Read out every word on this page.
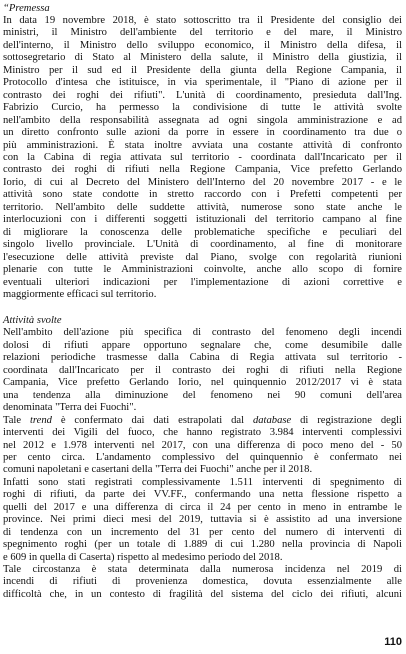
“Premessa

In data 19 novembre 2018, è stato sottoscritto tra il Presidente del consiglio dei
ministri, il Ministro dell'ambiente del territorio e del mare, il Ministro
dell'interno, il Ministro dello sviluppo economico, il Ministro della difesa, il
sottosegretario di Stato al Ministero della salute, il Ministro della giustizia, il
Ministro per il sud ed il Presidente della giunta della Regione Campania, il
Protocollo d'intesa che istituisce, in via sperimentale, il "Piano di azione per il
contrasto dei roghi dei rifiuti". L'unità di coordinamento, presieduta dall'Ing.
Fabrizio Curcio, ha permesso la condivisione di tutte le attività svolte
nell'ambito della responsabilità assegnata ad ogni singola amministrazione e ad
un diretto confronto sulle azioni da porre in essere in coordinamento tra due o
più amministrazioni. È stata inoltre avviata una costante attività di confronto
con la Cabina di regia attivata sul territorio - coordinata dall'Incaricato per il
contrasto dei roghi di rifiuti nella Regione Campania, Vice prefetto Gerlando
Iorio, di cui al Decreto del Ministero dell'Interno del 20 novembre 2017 - e le
attività sono state condotte in stretto raccordo con i Prefetti competenti per
territorio. Nell'ambito delle suddette attività, numerose sono state anche le
interlocuzioni con i differenti soggetti istituzionali del territorio campano al fine
di migliorare la conoscenza delle problematiche specifiche e peculiari del
singolo livello provinciale. L'Unità di coordinamento, al fine di monitorare
l'esecuzione delle attività previste dal Piano, svolge con regolarità riunioni
plenarie con tutte le Amministrazioni coinvolte, anche allo scopo di fornire
eventuali ulteriori indicazioni per l'implementazione di azioni correttive e
maggiormente efficaci sul territorio.

Attività svolte

Nell'ambito dell'azione più specifica di contrasto del fenomeno degli incendi
dolosi di rifiuti appare opportuno segnalare che, come desumibile dalle
relazioni periodiche trasmesse dalla Cabina di Regia attivata sul territorio -
coordinata dall'Incaricato per il contrasto dei roghi di rifiuti nella Regione
Campania, Vice prefetto Gerlando Iorio, nel quinquennio 2012/2017 vi è stata
una tendenza alla diminuzione del fenomeno nei 90 comuni dell'area
denominata "Terra dei Fuochi".

Tale trend è confermato dai dati estrapolati dal database di registrazione degli
interventi dei Vigili del fuoco, che hanno registrato 3.984 interventi complessivi
nel 2012 e 1.978 interventi nel 2017, con una differenza di poco meno del - 50
per cento circa. L'andamento complessivo del quinquennio è confermato nei
comuni napoletani e casertani della "Terra dei Fuochi" anche per il 2018.

Infatti sono stati registrati complessivamente 1.511 interventi di spegnimento di
roghi di rifiuti, da parte dei VV.FF., confermando una netta flessione rispetto a
quelli del 2017 e una differenza di circa il 24 per cento in meno in entrambe le
province. Nei primi dieci mesi del 2019, tuttavia si è assistito ad una inversione
di tendenza con un incremento del 31 per cento del numero di interventi di
spegnimento roghi (per un totale di 1.889 di cui 1.280 nella provincia di Napoli
e 609 in quella di Caserta) rispetto al medesimo periodo del 2018.

Tale circostanza è stata determinata dalla numerosa incidenza nel 2019 di
incendi di rifiuti di provenienza domestica, dovuta essenzialmente alle
difficoltà che, in un contesto di fragilità del sistema del ciclo dei rifiuti, alcuni

110
